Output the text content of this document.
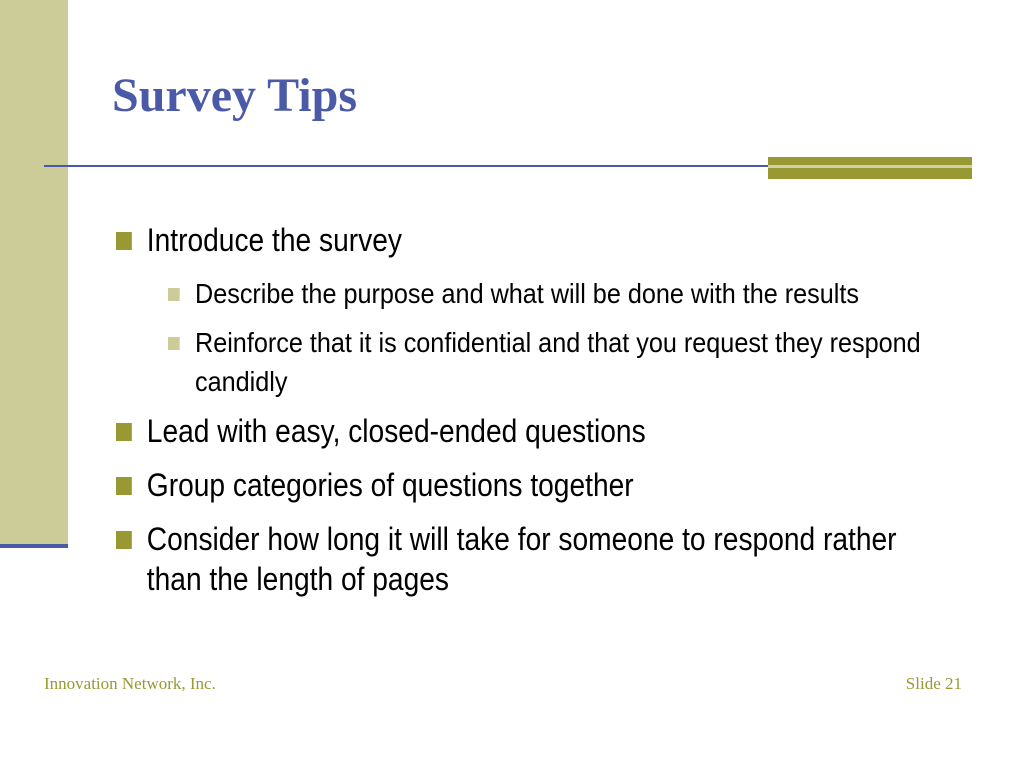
Survey Tips
Introduce the survey
Describe the purpose and what will be done with the results
Reinforce that it is confidential and that you request they respond candidly
Lead with easy, closed-ended questions
Group categories of questions together
Consider how long it will take for someone to respond rather than the length of pages
Innovation Network, Inc.	Slide 21
